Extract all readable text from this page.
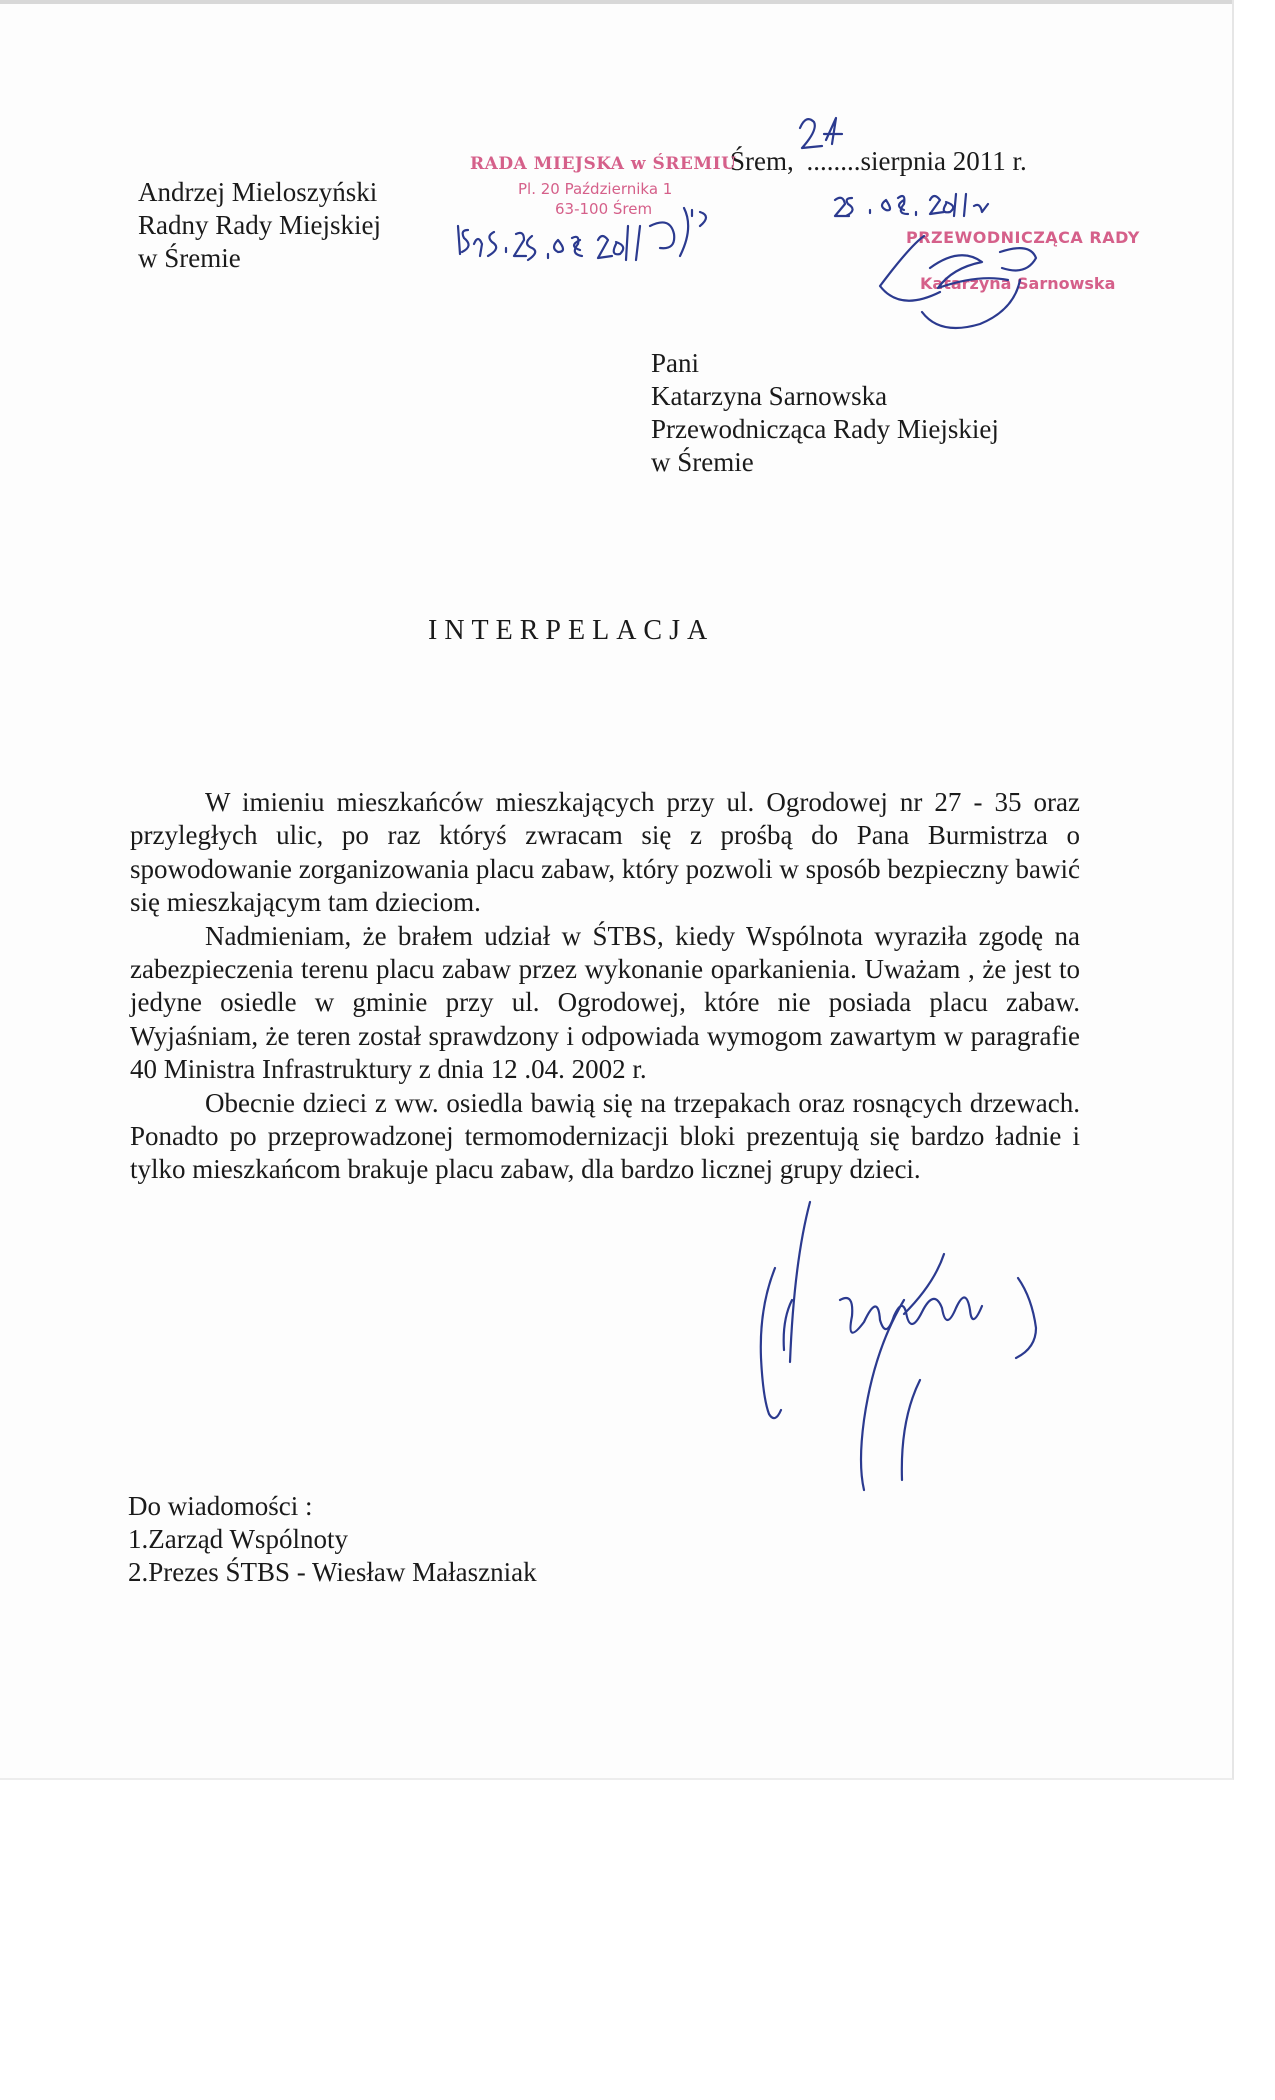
Andrzej Mieloszyński
Radny Rady Miejskiej
w Śremie
Śrem, ........sierpnia 2011 r.
RADA MIEJSKA w ŚREMIU
Pl. 20 Października 1
63-100 Śrem
PRZEWODNICZĄCA RADY
Katarzyna Sarnowska
Pani
Katarzyna Sarnowska
Przewodnicząca Rady Miejskiej
w Śremie
INTERPELACJA

W imieniu mieszkańców mieszkających przy ul. Ogrodowej nr 27 - 35 oraz przyległych ulic, po raz któryś zwracam się z prośbą do Pana Burmistrza o spowodowanie zorganizowania placu zabaw, który pozwoli w sposób bezpieczny bawić się mieszkającym tam dzieciom.

Nadmieniam, że brałem udział w ŚTBS, kiedy Wspólnota wyraziła zgodę na zabezpieczenia terenu placu zabaw przez wykonanie oparkanienia. Uważam , że jest to jedyne osiedle w gminie przy ul. Ogrodowej, które nie posiada placu zabaw. Wyjaśniam, że teren został sprawdzony i odpowiada wymogom zawartym w paragrafie 40 Ministra Infrastruktury z dnia 12 .04. 2002 r.

Obecnie dzieci z ww. osiedla bawią się na trzepakach oraz rosnących drzewach. Ponadto po przeprowadzonej termomodernizacji bloki prezentują się bardzo ładnie i tylko mieszkańcom brakuje placu zabaw, dla bardzo licznej grupy dzieci.

Do wiadomości :
1.Zarząd Wspólnoty
2.Prezes ŚTBS - Wiesław Małaszniak
